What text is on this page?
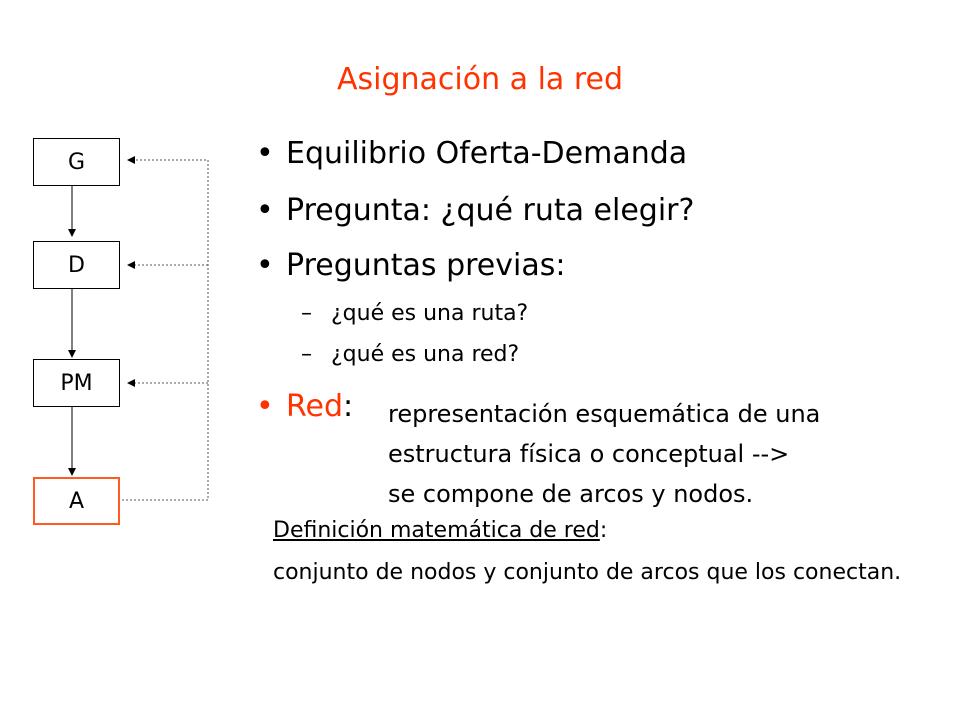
Asignación a la red
G
D
PM
A
• Equilibrio Oferta-Demanda
• Pregunta: ¿qué ruta elegir?
• Preguntas previas:
– ¿qué es una ruta?
– ¿qué es una red?
• Red: representación esquemática de una
estructura física o conceptual -->
se compone de arcos y nodos.
Definición matemática de red:
conjunto de nodos y conjunto de arcos que los conectan.
